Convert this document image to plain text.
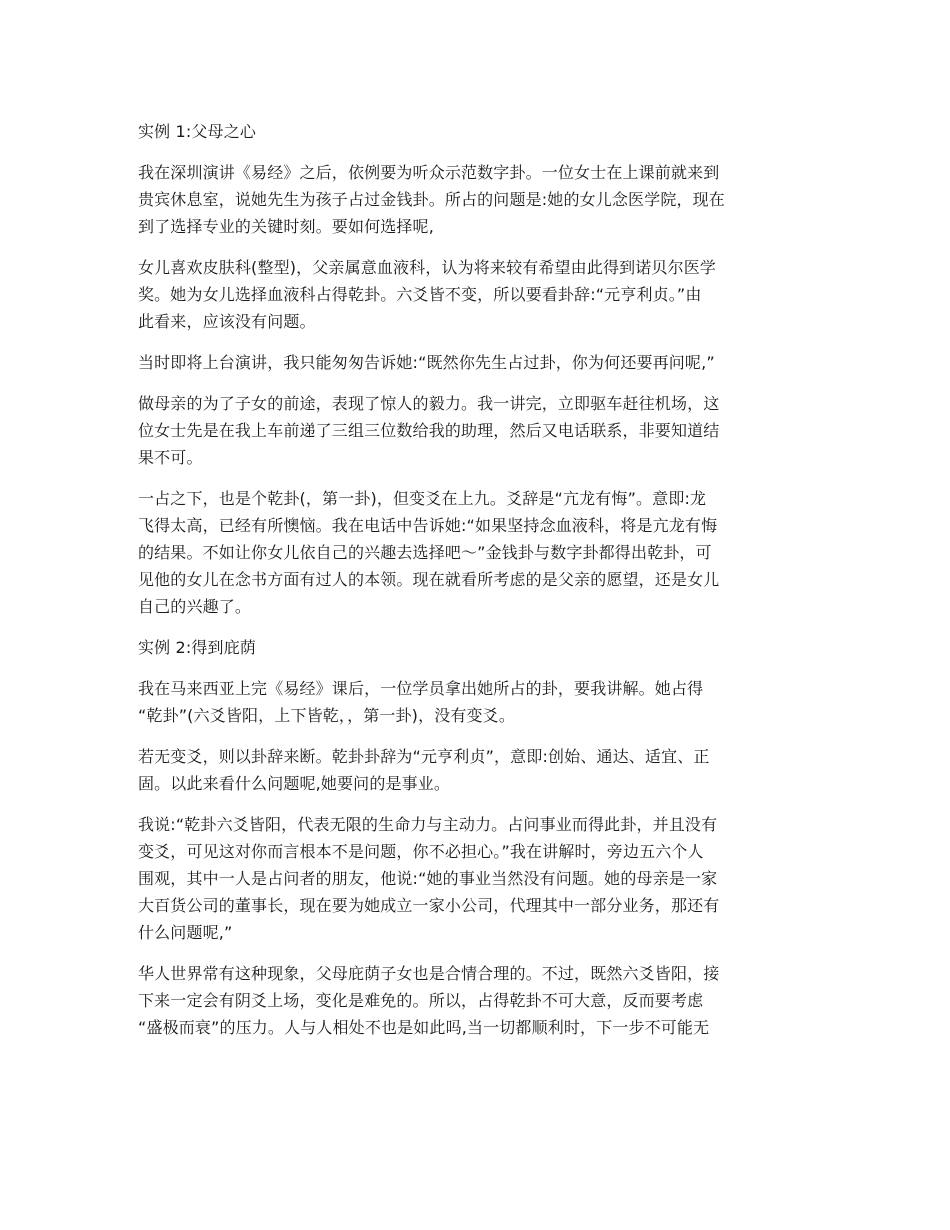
实例 1:父母之心

我在深圳演讲《易经》之后，依例要为听众示范数字卦。一位女士在上课前就来到
贵宾休息室，说她先生为孩子占过金钱卦。所占的问题是:她的女儿念医学院，现在
到了选择专业的关键时刻。要如何选择呢,

女儿喜欢皮肤科(整型)，父亲属意血液科，认为将来较有希望由此得到诺贝尔医学
奖。她为女儿选择血液科占得乾卦。六爻皆不变，所以要看卦辞:“元亨利贞。”由
此看来，应该没有问题。

当时即将上台演讲，我只能匆匆告诉她:“既然你先生占过卦，你为何还要再问呢,”

做母亲的为了子女的前途，表现了惊人的毅力。我一讲完，立即驱车赶往机场，这
位女士先是在我上车前递了三组三位数给我的助理，然后又电话联系，非要知道结
果不可。

一占之下，也是个乾卦(，第一卦)，但变爻在上九。爻辞是“亢龙有悔”。意即:龙
飞得太高，已经有所懊恼。我在电话中告诉她:“如果坚持念血液科，将是亢龙有悔
的结果。不如让你女儿依自己的兴趣去选择吧～”金钱卦与数字卦都得出乾卦，可
见他的女儿在念书方面有过人的本领。现在就看所考虑的是父亲的愿望，还是女儿
自己的兴趣了。

实例 2:得到庇荫

我在马来西亚上完《易经》课后，一位学员拿出她所占的卦，要我讲解。她占得
“乾卦”(六爻皆阳，上下皆乾，，第一卦)，没有变爻。

若无变爻，则以卦辞来断。乾卦卦辞为“元亨利贞”，意即:创始、通达、适宜、正
固。以此来看什么问题呢,她要问的是事业。

我说:“乾卦六爻皆阳，代表无限的生命力与主动力。占问事业而得此卦，并且没有
变爻，可见这对你而言根本不是问题，你不必担心。”我在讲解时，旁边五六个人
围观，其中一人是占问者的朋友，他说:“她的事业当然没有问题。她的母亲是一家
大百货公司的董事长，现在要为她成立一家小公司，代理其中一部分业务，那还有
什么问题呢,”

华人世界常有这种现象，父母庇荫子女也是合情合理的。不过，既然六爻皆阳，接
下来一定会有阴爻上场，变化是难免的。所以，占得乾卦不可大意，反而要考虑
“盛极而衰”的压力。人与人相处不也是如此吗,当一切都顺利时，下一步不可能无
